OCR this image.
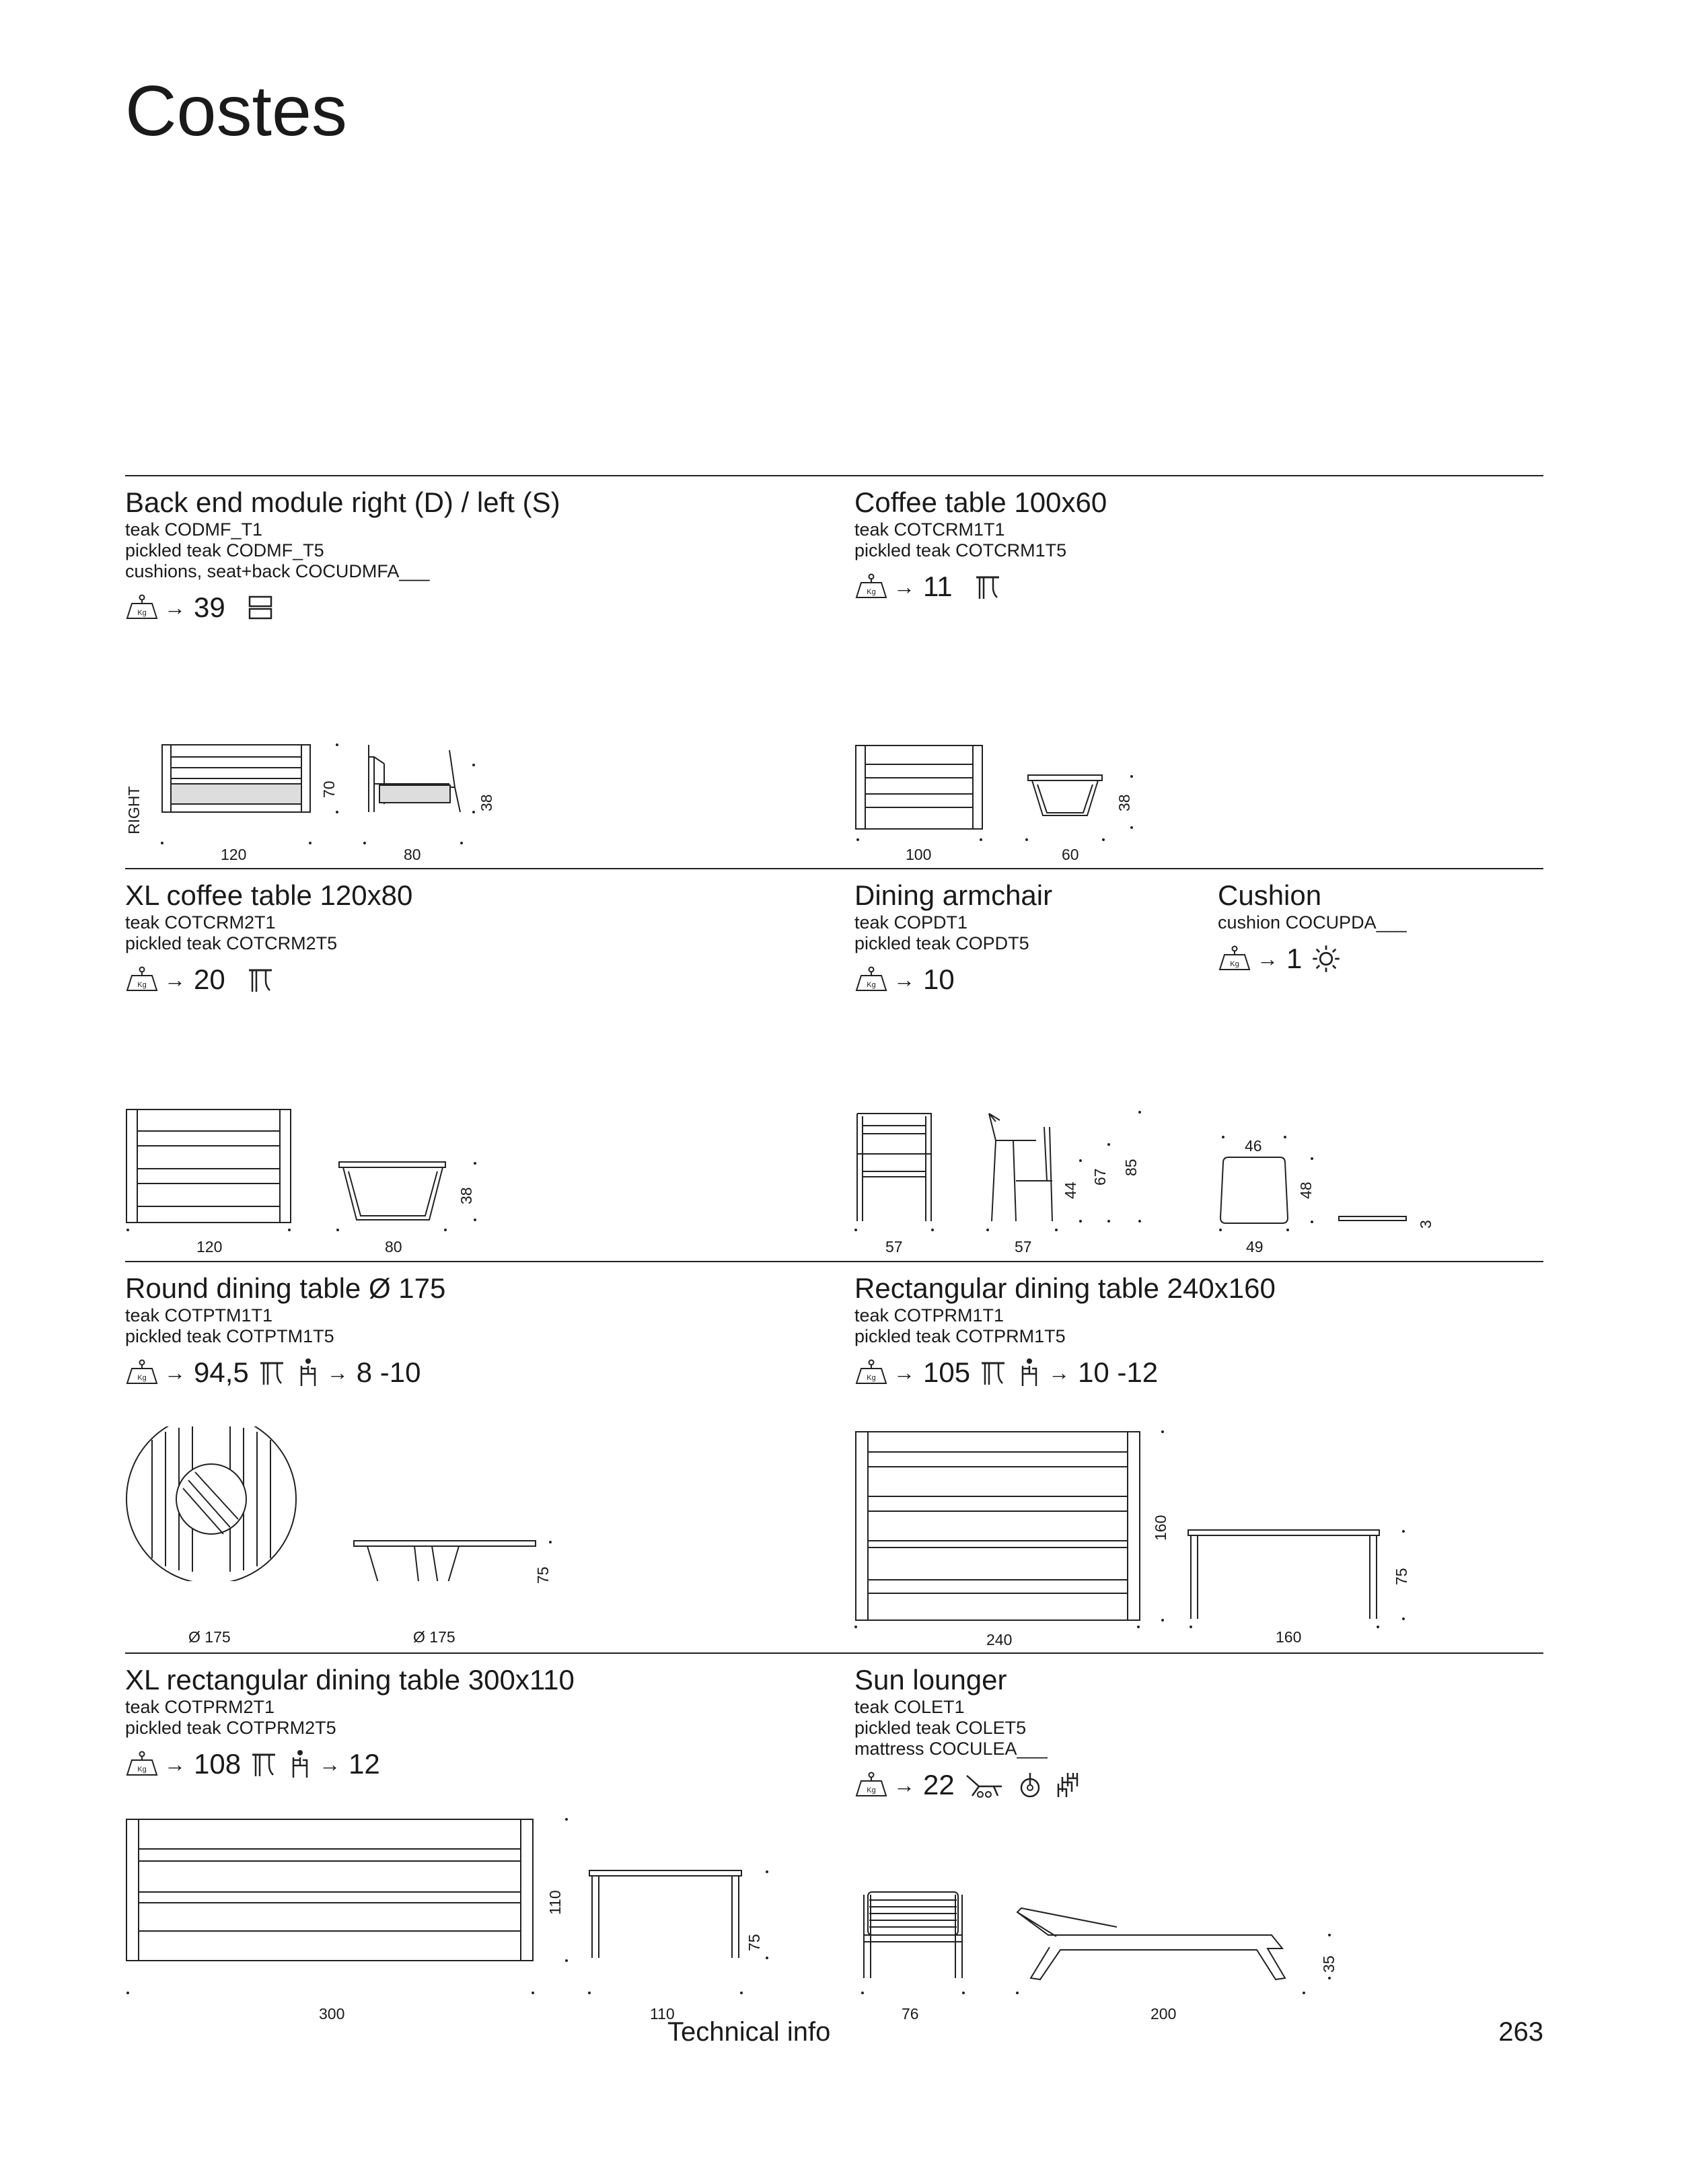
Costes
Back end module right (D) / left (S)
teak CODMF_T1
pickled teak CODMF_T5
cushions, seat+back COCUDMFA___
→ 39
RIGHT
120	80
70
38
Coffee table 100x60
teak COTCRM1T1
pickled teak COTCRM1T5
→ 11
100	60
38
XL coffee table 120x80
teak COTCRM2T1
pickled teak COTCRM2T5
→ 20
120	80
38
Dining armchair
teak COPDT1
pickled teak COPDT5
→ 10
57	57
44
67
85
Cushion
cushion COCUPDA___
→ 1
46
49
48
3
Round dining table Ø 175
teak COTPTM1T1
pickled teak COTPTM1T5
→ 94,5	→ 8 -10
Ø 175	Ø 175
75
Rectangular dining table 240x160
teak COTPRM1T1
pickled teak COTPRM1T5
→ 105	→ 10 -12
240	160
160
75
XL rectangular dining table 300x110
teak COTPRM2T1
pickled teak COTPRM2T5
→ 108	→ 12
300	110
110
75
Sun lounger
teak COLET1
pickled teak COLET5
mattress COCULEA___
→ 22
76	200
35
Technical info	263
